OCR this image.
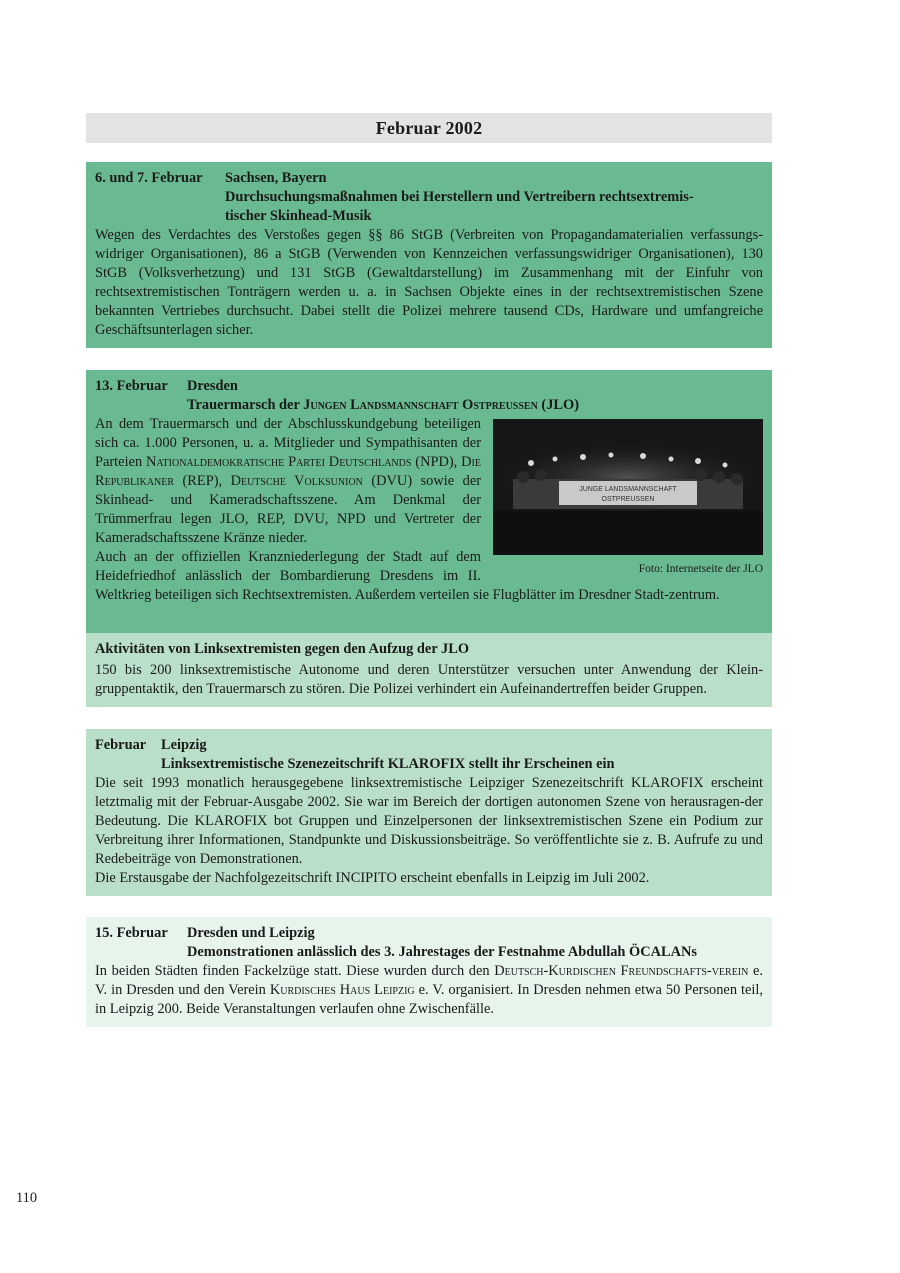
Februar 2002
6. und 7. Februar	Sachsen, Bayern
Durchsuchungsmaßnahmen bei Herstellern und Vertreibern rechtsextremis-
tischer Skinhead-Musik

Wegen des Verdachtes des Verstoßes gegen §§ 86 StGB (Verbreiten von Propagandamaterialien verfassungs-widriger Organisationen), 86 a StGB (Verwenden von Kennzeichen verfassungswidriger Organisationen), 130 StGB (Volksverhetzung) und 131 StGB (Gewaltdarstellung) im Zusammenhang mit der Einfuhr von rechtsextremistischen Tonträgern werden u. a. in Sachsen Objekte eines in der rechtsextremistischen Szene bekannten Vertriebes durchsucht. Dabei stellt die Polizei mehrere tausend CDs, Hardware und umfangreiche Geschäftsunterlagen sicher.

13. Februar	Dresden
Trauermarsch der Jungen Landsmannschaft Ostpreußen (JLO)
JUNGE LANDSMANNSCHAFT
OSTPREUSSEN
Foto: Internetseite der JLO

An dem Trauermarsch und der Abschlusskundgebung beteiligen sich ca. 1.000 Personen, u. a. Mitglieder und Sympathisanten der Parteien Nationaldemokratische Partei Deutschlands (NPD), Die Republikaner (REP), Deutsche Volksunion (DVU) sowie der Skinhead- und Kameradschaftsszene. Am Denkmal der Trümmerfrau legen JLO, REP, DVU, NPD und Vertreter der Kameradschaftsszene Kränze nieder.

Auch an der offiziellen Kranzniederlegung der Stadt auf dem Heidefriedhof anlässlich der Bombardierung Dresdens im II. Weltkrieg beteiligen sich Rechtsextremisten. Außerdem verteilen sie Flugblätter im Dresdner Stadt-zentrum.

Aktivitäten von Linksextremisten gegen den Aufzug der JLO

150 bis 200 linksextremistische Autonome und deren Unterstützer versuchen unter Anwendung der Klein-gruppentaktik, den Trauermarsch zu stören. Die Polizei verhindert ein Aufeinandertreffen beider Gruppen.

Februar	Leipzig
Linksextremistische Szenezeitschrift KLAROFIX stellt ihr Erscheinen ein

Die seit 1993 monatlich herausgegebene linksextremistische Leipziger Szenezeitschrift KLAROFIX erscheint letztmalig mit der Februar-Ausgabe 2002. Sie war im Bereich der dortigen autonomen Szene von herausragen-der Bedeutung. Die KLAROFIX bot Gruppen und Einzelpersonen der linksextremistischen Szene ein Podium zur Verbreitung ihrer Informationen, Standpunkte und Diskussionsbeiträge. So veröffentlichte sie z. B. Aufrufe zu und Redebeiträge von Demonstrationen.

Die Erstausgabe der Nachfolgezeitschrift INCIPITO erscheint ebenfalls in Leipzig im Juli 2002.

15. Februar	Dresden und Leipzig
Demonstrationen anlässlich des 3. Jahrestages der Festnahme Abdullah ÖCALANs

In beiden Städten finden Fackelzüge statt. Diese wurden durch den Deutsch-Kurdischen Freundschafts-verein e. V. in Dresden und den Verein Kurdisches Haus Leipzig e. V. organisiert. In Dresden nehmen etwa 50 Personen teil, in Leipzig 200. Beide Veranstaltungen verlaufen ohne Zwischenfälle.

110
